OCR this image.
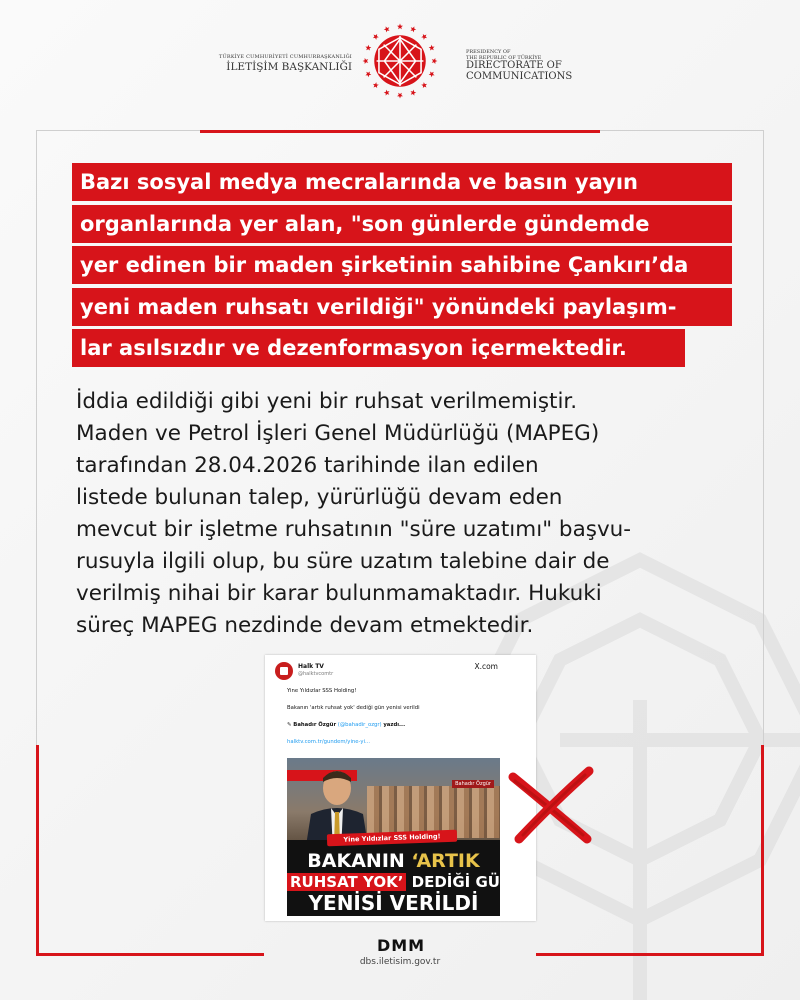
TÜRKİYE CUMHURİYETİ CUMHURBAŞKANLIĞI
İLETİŞİM BAŞKANLIĞI
PRESIDENCY OF
THE REPUBLIC OF TÜRKİYE
DIRECTORATE OF
COMMUNICATIONS
Bazı sosyal medya mecralarında ve basın yayın
organlarında yer alan, "son günlerde gündemde
yer edinen bir maden şirketinin sahibine Çankırı’da
yeni maden ruhsatı verildiği" yönündeki paylaşım-
lar asılsızdır ve dezenformasyon içermektedir.
İddia edildiği gibi yeni bir ruhsat verilmemiştir.
Maden ve Petrol İşleri Genel Müdürlüğü (MAPEG)
tarafından 28.04.2026 tarihinde ilan edilen
listede bulunan talep, yürürlüğü devam eden
mevcut bir işletme ruhsatının "süre uzatımı" başvu-
rusuyla ilgili olup, bu süre uzatım talebine dair de
verilmiş nihai bir karar bulunmamaktadır. Hukuki
süreç MAPEG nezdinde devam etmektedir.
Halk TV
@halktvcomtr
X.com
Yine Yıldızlar SSS Holding!
Bakanın 'artık ruhsat yok' dediği gün yenisi verildi
✎ Bahadır Özgür (@bahadir_ozgr) yazdı...
halktv.com.tr/gundem/yine-yi...
Bahadır Özgür
Yine Yıldızlar SSS Holding!
BAKANIN ‘ARTIK
RUHSAT YOK’ DEDİĞİ GÜN
YENİSİ VERİLDİ
DMM
dbs.iletisim.gov.tr
